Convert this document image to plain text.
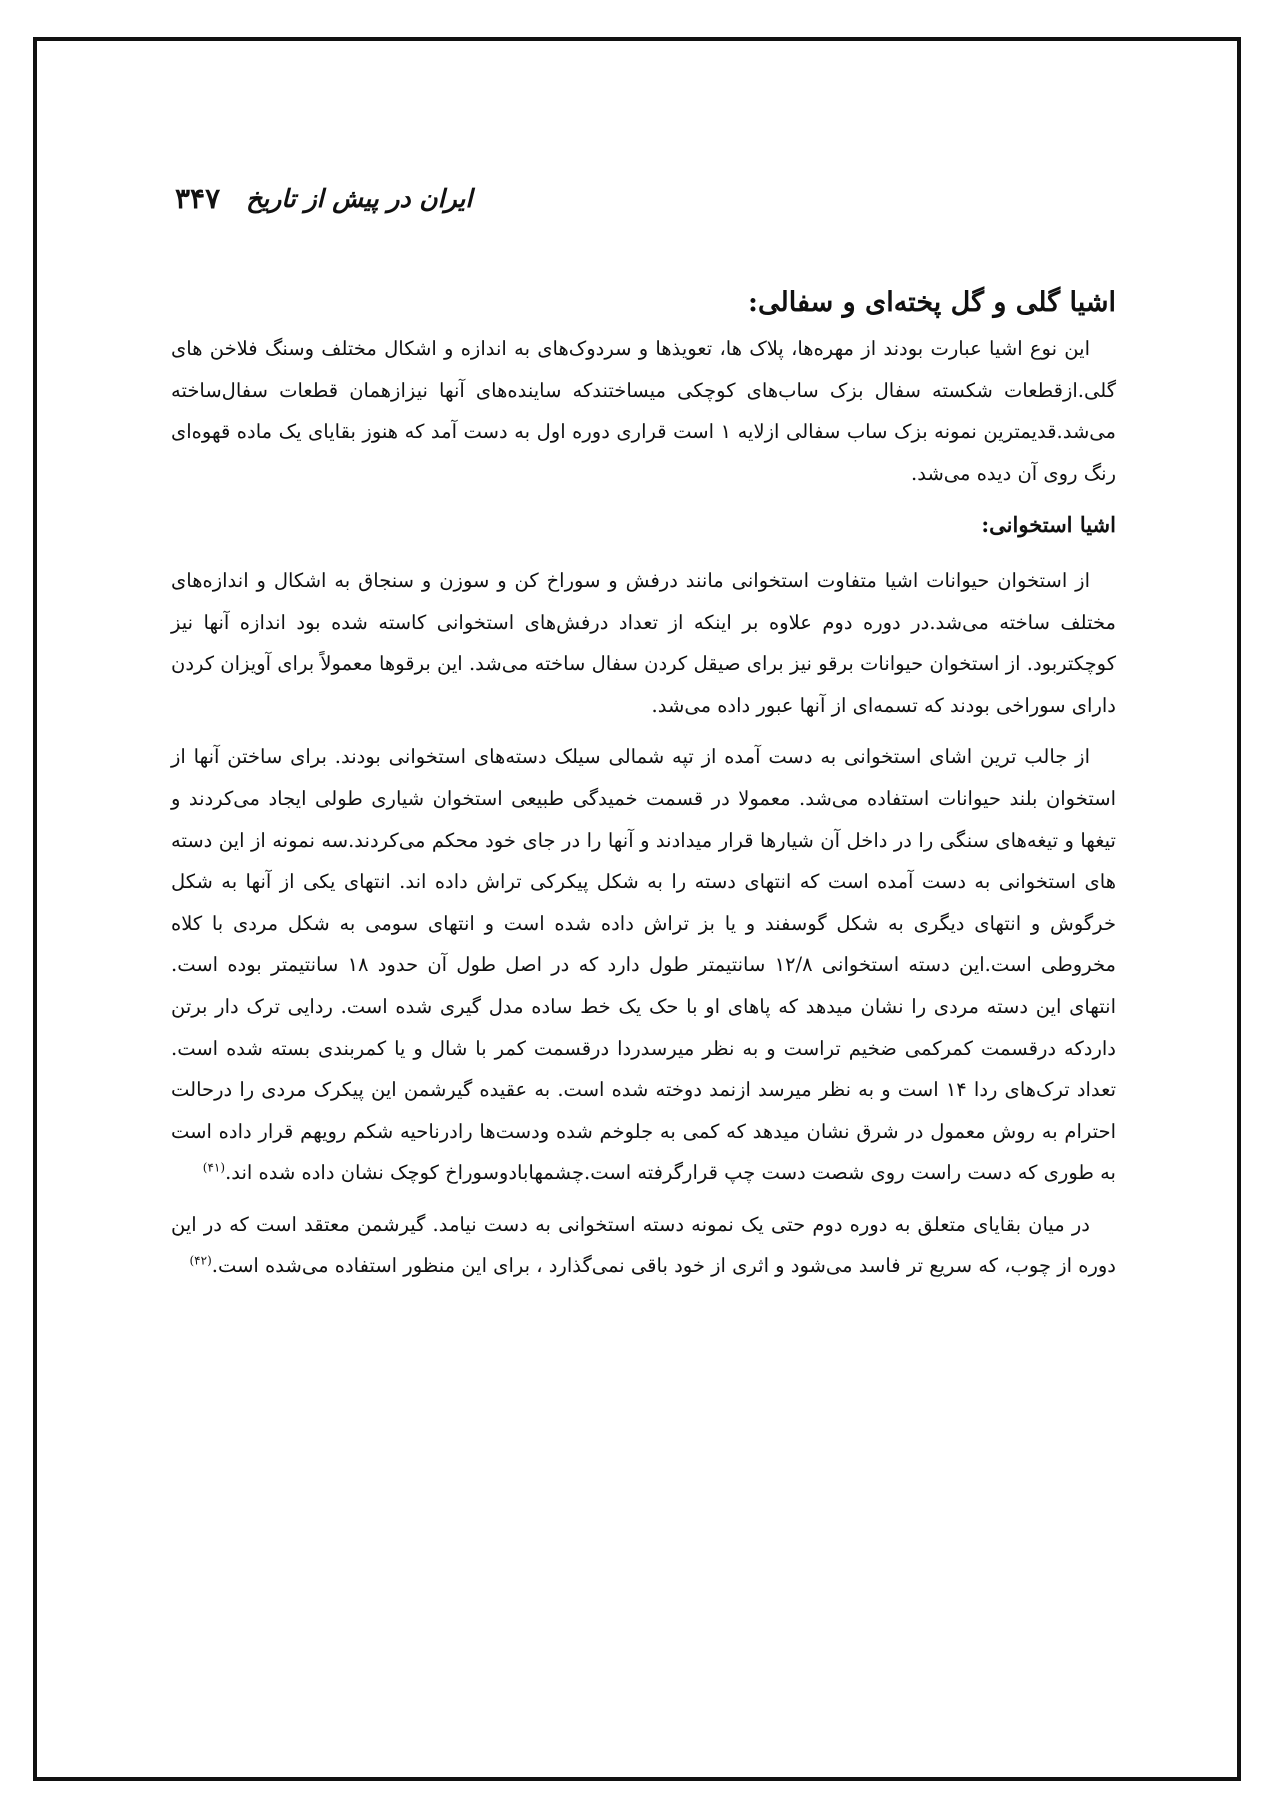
ایران در پیش از تاریخ
۳۴۷
اشیا گلی و گل پخته‌ای و سفالی:

این نوع اشیا عبارت بودند از مهره‌ها، پلاک ها، تعویذها و سردوک‌های به اندازه و اشکال مختلف وسنگ فلاخن های گلی.ازقطعات شکسته سفال بزک ساب‌های کوچکی میساختندکه ساینده‌های آنها نیزازهمان قطعات سفال‌ساخته می‌شد.قدیمترین نمونه بزک ساب سفالی ازلایه ۱ است قراری دوره اول به دست آمد که هنوز بقایای یک ماده قهوه‌ای رنگ روی آن دیده می‌شد.

اشیا استخوانی:

از استخوان حیوانات اشیا متفاوت استخوانی مانند درفش و سوراخ کن و سوزن و سنجاق به اشکال و اندازه‌های مختلف ساخته می‌شد.در دوره دوم علاوه بر اینکه از تعداد درفش‌های استخوانی کاسته شده بود اندازه آنها نیز کوچکتربود. از استخوان حیوانات برقو نیز برای صیقل کردن سفال ساخته می‌شد. این برقوها معمولاً برای آویزان کردن دارای سوراخی بودند که تسمه‌ای از آنها عبور داده می‌شد.

از جالب ترین اشای استخوانی به دست آمده از تپه شمالی سیلک دسته‌های استخوانی بودند. برای ساختن آنها از استخوان بلند حیوانات استفاده می‌شد. معمولا در قسمت خمیدگی طبیعی استخوان شیاری طولی ایجاد می‌کردند و تیغها و تیغه‌های سنگی را در داخل آن شیارها قرار میدادند و آنها را در جای خود محکم می‌کردند.سه نمونه از این دسته های استخوانی به دست آمده است که انتهای دسته را به شکل پیکرکی تراش داده اند. انتهای یکی از آنها به شکل خرگوش و انتهای دیگری به شکل گوسفند و یا بز تراش داده شده است و انتهای سومی به شکل مردی با کلاه مخروطی است.این دسته استخوانی ۱۲/۸ سانتیمتر طول دارد که در اصل طول آن حدود ۱۸ سانتیمتر بوده است. انتهای این دسته مردی را نشان میدهد که پاهای او با حک یک خط ساده مدل گیری شده است. ردایی ترک دار برتن داردکه درقسمت کمرکمی ضخیم تراست و به نظر میرسدردا درقسمت کمر با شال و یا کمربندی بسته شده است. تعداد ترک‌های ردا ۱۴ است و به نظر میرسد ازنمد دوخته شده است. به عقیده گیرشمن این پیکرک مردی را درحالت احترام به روش معمول در شرق نشان میدهد که کمی به جلوخم شده ودست‌ها رادرناحیه شکم رویهم قرار داده است به طوری که دست راست روی شصت دست چپ قرارگرفته است.چشمهابادوسوراخ کوچک نشان داده شده اند.$^{(۴۱)}$

در میان بقایای متعلق به دوره دوم حتی یک نمونه دسته استخوانی به دست نیامد. گیرشمن معتقد است که در این دوره از چوب، که سریع تر فاسد می‌شود و اثری از خود باقی نمی‌گذارد ، برای این منظور استفاده می‌شده است.$^{(۴۲)}$
